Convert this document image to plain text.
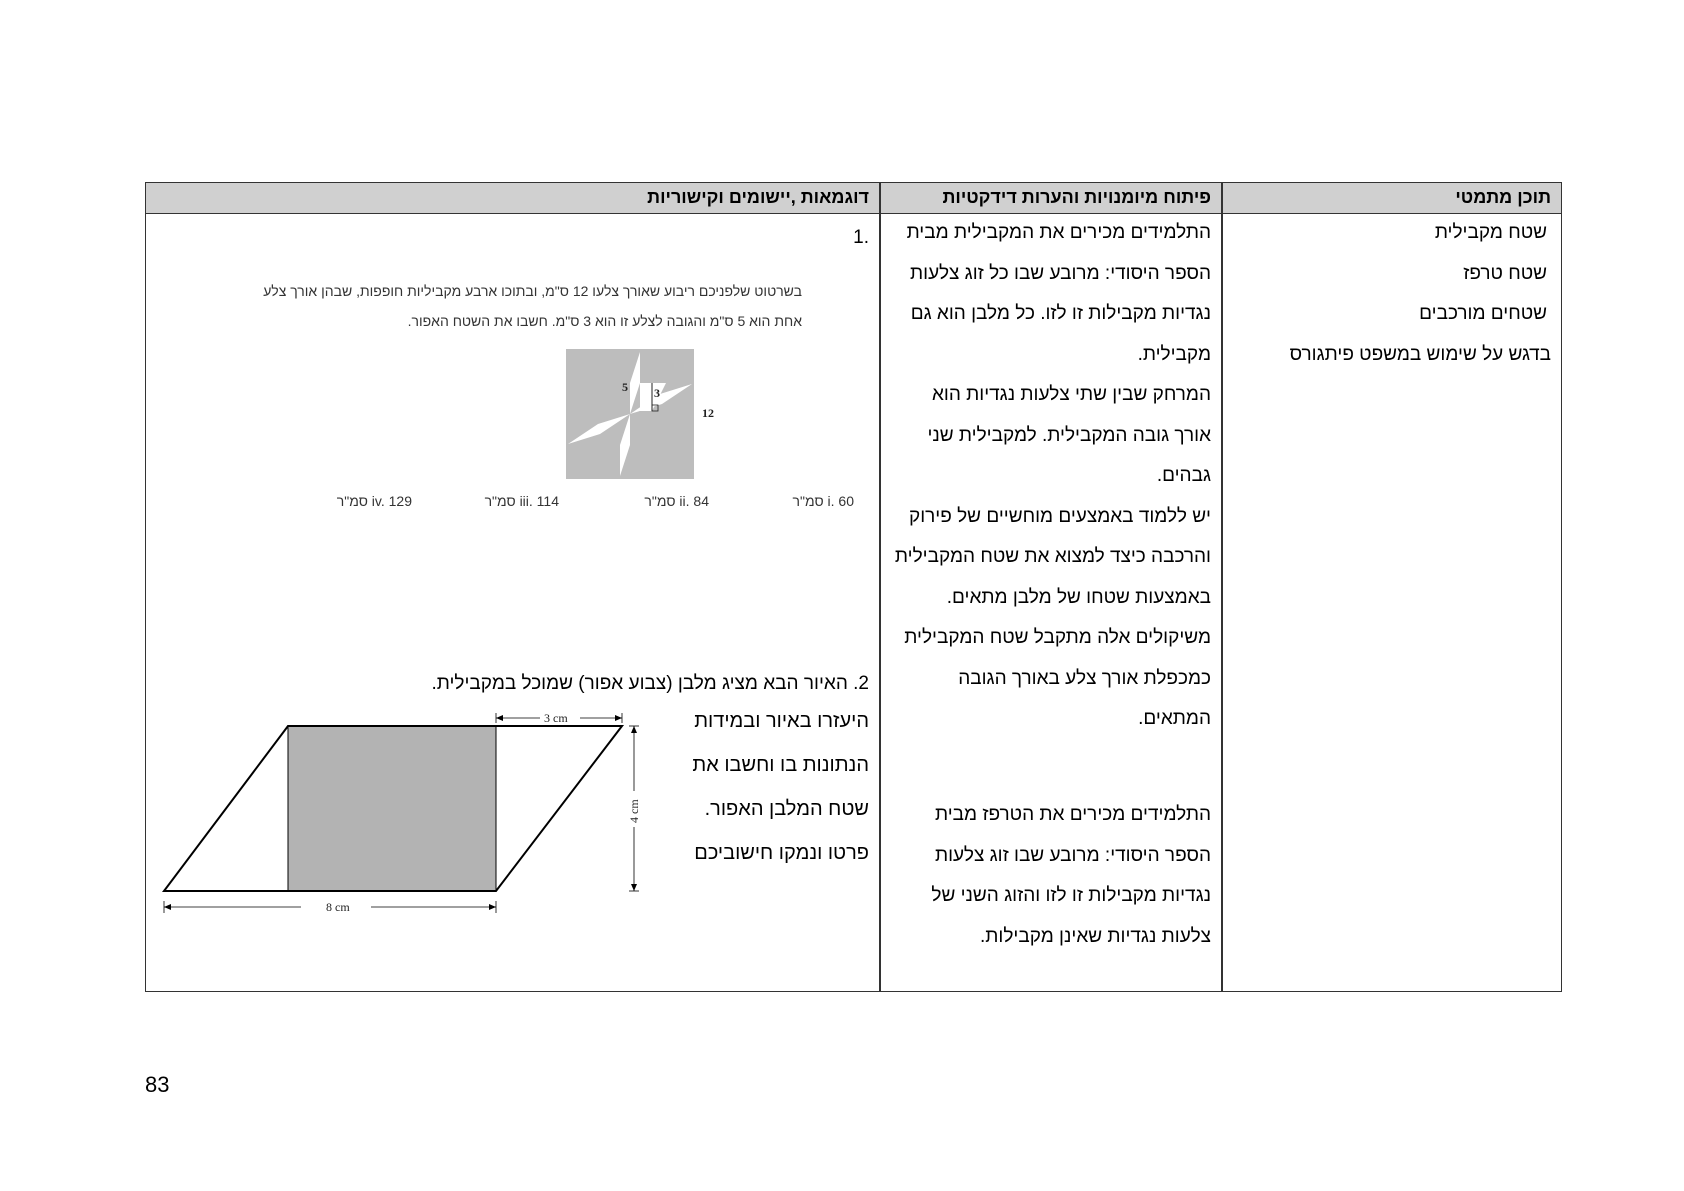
תוכן מתמטי
פיתוח מיומנויות והערות דידקטיות
דוגמאות ,יישומים וקישוריות
שטח מקבילית
שטח טרפז
שטחים מורכבים
בדגש על שימוש במשפט פיתגורס
התלמידים מכירים את המקבילית מבית
הספר היסודי: מרובע שבו כל זוג צלעות
נגדיות מקבילות זו לזו. כל מלבן הוא גם
מקבילית.
המרחק שבין שתי צלעות נגדיות הוא
אורך גובה המקבילית. למקבילית שני
גבהים.
יש ללמוד באמצעים מוחשיים של פירוק
והרכבה כיצד למצוא את שטח המקבילית
באמצעות שטחו של מלבן מתאים.
משיקולים אלה מתקבל שטח המקבילית
כמכפלת אורך צלע באורך הגובה
המתאים.
התלמידים מכירים את הטרפז מבית
הספר היסודי: מרובע שבו זוג צלעות
נגדיות מקבילות זו לזו והזוג השני של
צלעות נגדיות שאינן מקבילות.
.1
בשרטוט שלפניכם ריבוע שאורך צלעו 12 ס"מ, ובתוכו ארבע מקביליות חופפות, שבהן אורך צלע
אחת הוא 5 ס"מ והגובה לצלע זו הוא 3 ס"מ. חשבו את השטח האפור.
5 3
12
i. 60 סמ"ר
ii. 84 סמ"ר
iii. 114 סמ"ר
iv. 129 סמ"ר
2. האיור הבא מציג מלבן (צבוע אפור) שמוכל במקבילית.
היעזרו באיור ובמידות
הנתונות בו וחשבו את
שטח המלבן האפור.
פרטו ונמקו חישוביכם
3 cm
4 cm
8 cm
83
